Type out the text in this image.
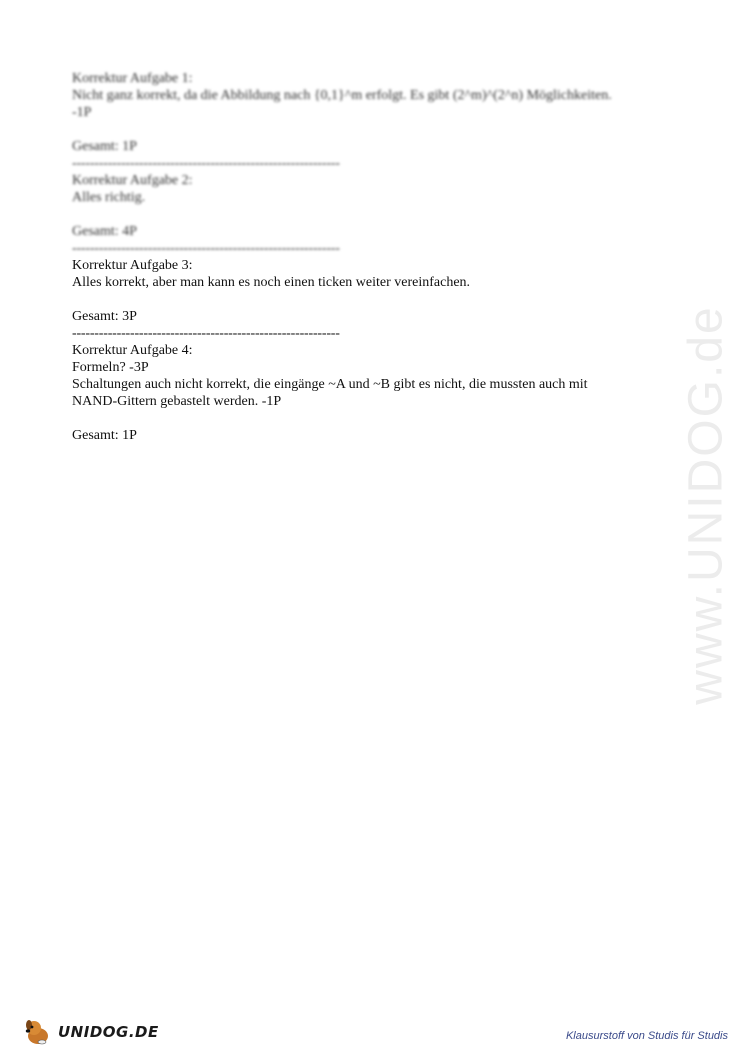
Korrektur Aufgabe 1:

Nicht ganz korrekt, da die Abbildung nach {0,1}^m erfolgt. Es gibt (2^m)^(2^n) Möglichkeiten.

-1P

Gesamt: 1P

------------------------------------------------------------

Korrektur Aufgabe 2:

Alles richtig.

Gesamt: 4P

------------------------------------------------------------

Korrektur Aufgabe 3:

Alles korrekt, aber man kann es noch einen ticken weiter vereinfachen.

Gesamt: 3P

------------------------------------------------------------

Korrektur Aufgabe 4:

Formeln? -3P

Schaltungen auch nicht korrekt, die eingänge ~A und ~B gibt es nicht, die mussten auch mit

NAND-Gittern gebastelt werden. -1P

Gesamt: 1P	www.UNIDOG.de
UNIDOG.DE	Klausurstoff von Studis für Studis
